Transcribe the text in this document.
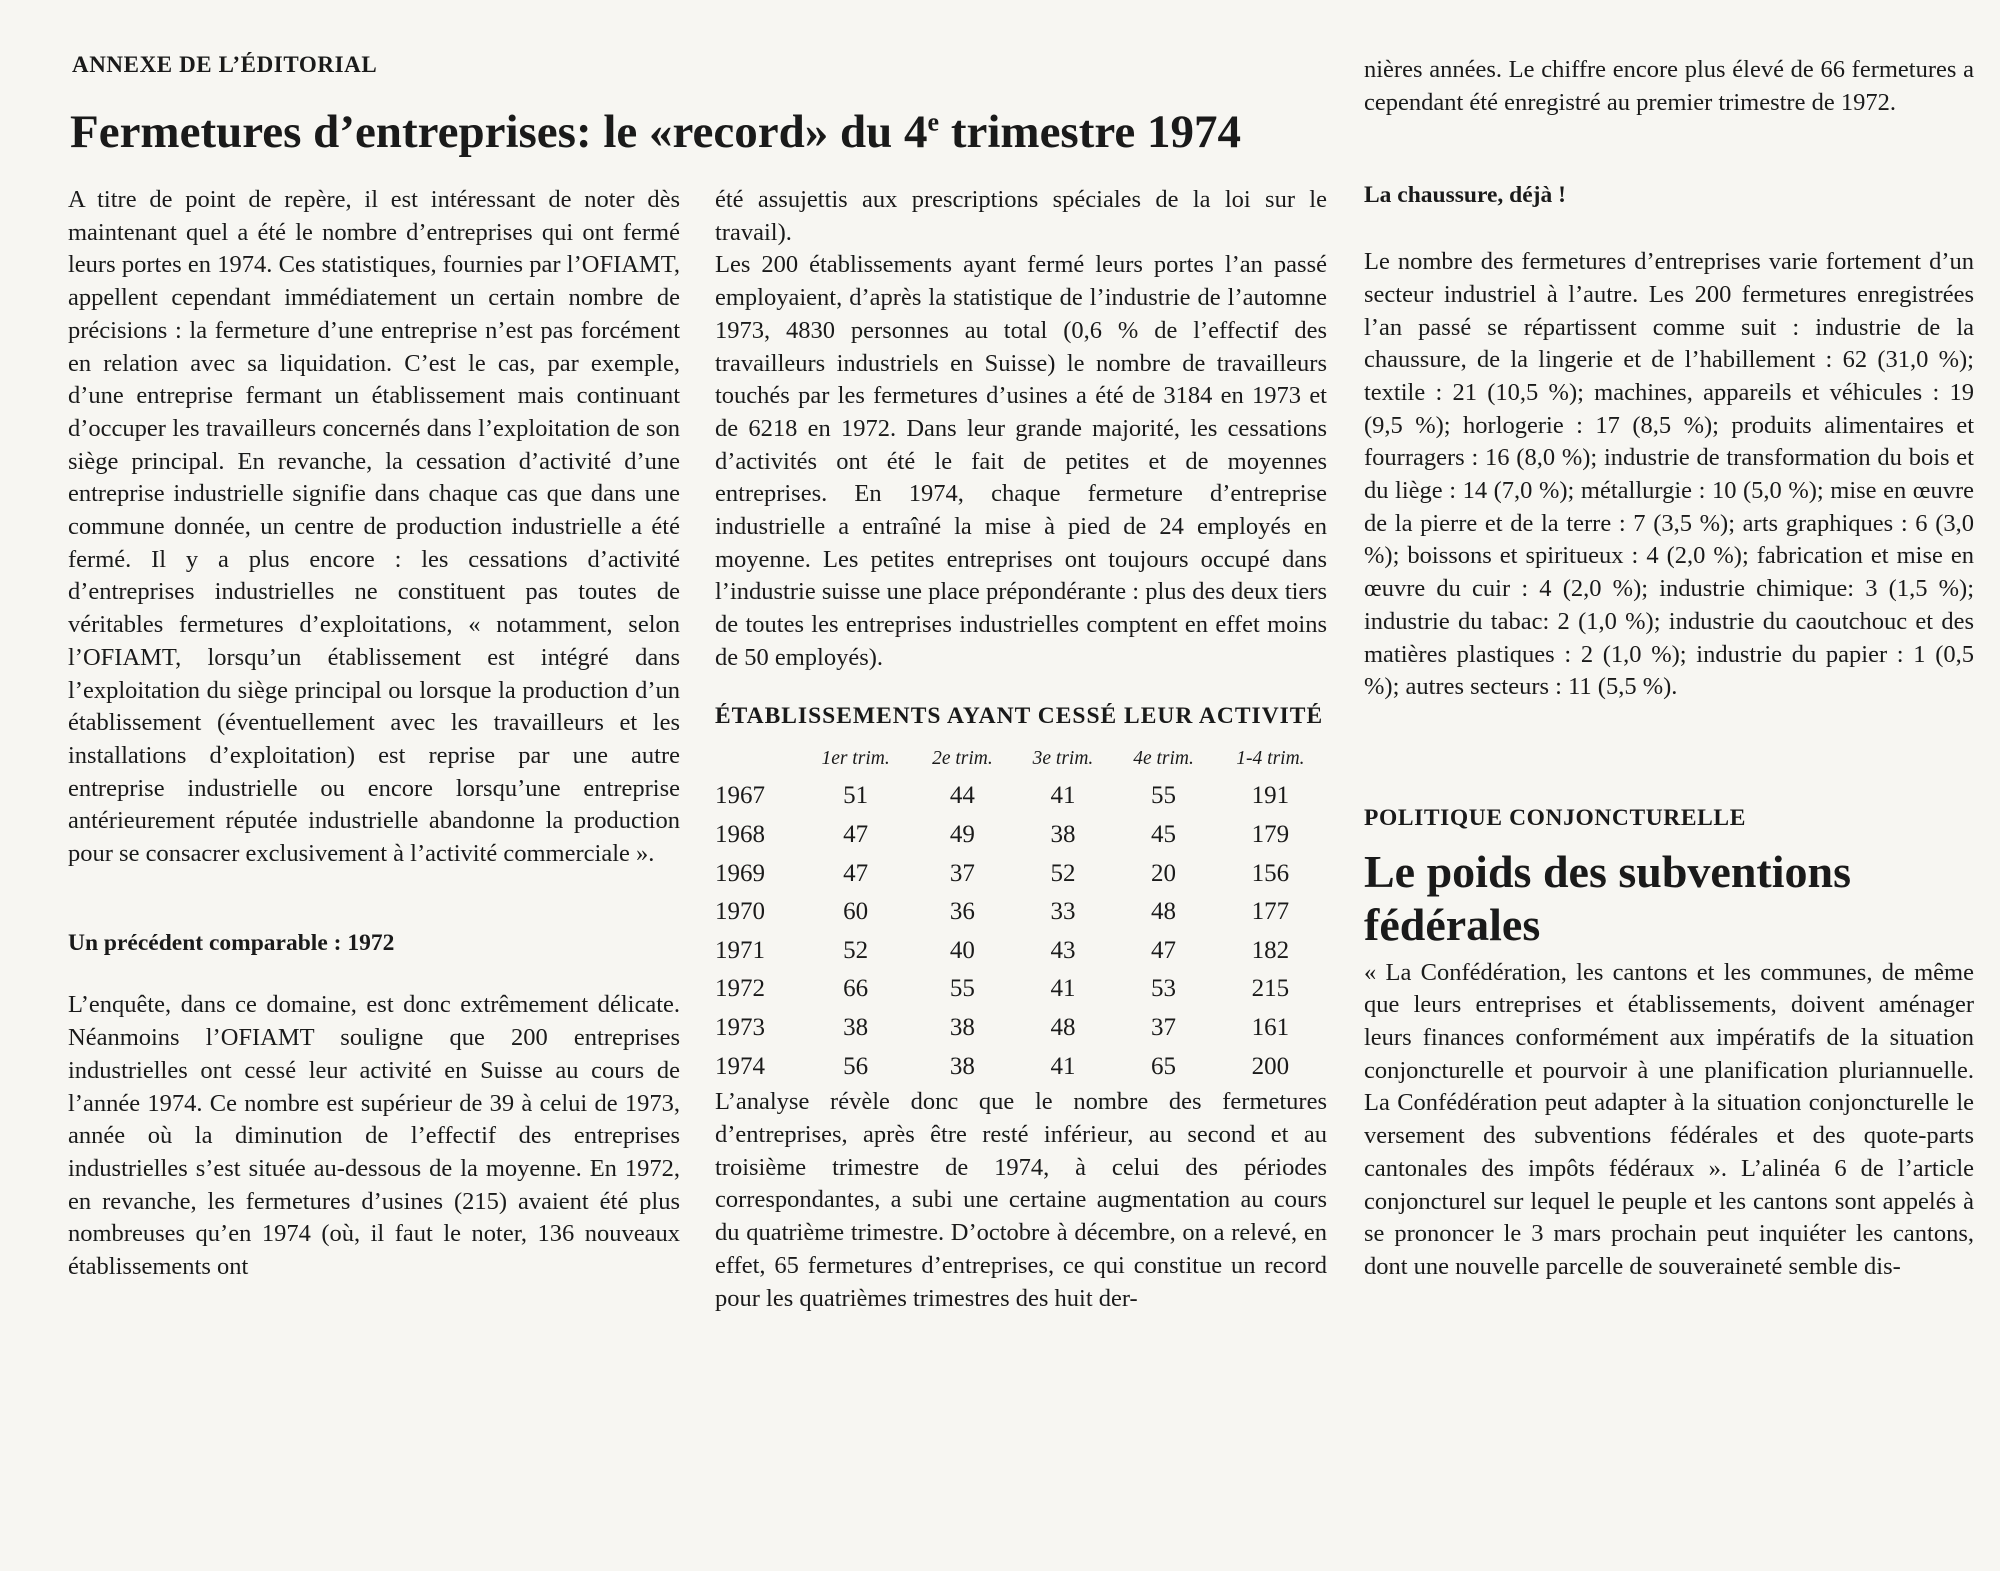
ANNEXE DE L’ÉDITORIAL
Fermetures d’entreprises: le «record» du 4e trimestre 1974

A titre de point de repère, il est intéressant de noter dès maintenant quel a été le nombre d’entreprises qui ont fermé leurs portes en 1974. Ces statistiques, fournies par l’OFIAMT, appellent cependant immédiatement un certain nombre de précisions : la fermeture d’une entreprise n’est pas forcément en relation avec sa liquidation. C’est le cas, par exemple, d’une entreprise fermant un établissement mais continuant d’occuper les travailleurs concernés dans l’exploitation de son siège principal. En revanche, la cessation d’activité d’une entreprise industrielle signifie dans chaque cas que dans une commune donnée, un centre de production industrielle a été fermé. Il y a plus encore : les cessations d’activité d’entreprises industrielles ne constituent pas toutes de véritables fermetures d’exploitations, « notamment, selon l’OFIAMT, lorsqu’un établissement est intégré dans l’exploitation du siège principal ou lorsque la production d’un établissement (éventuellement avec les travailleurs et les installations d’exploitation) est reprise par une autre entreprise industrielle ou encore lorsqu’une entreprise antérieurement réputée industrielle abandonne la production pour se consacrer exclusivement à l’activité commerciale ».

Un précédent comparable : 1972

L’enquête, dans ce domaine, est donc extrêmement délicate. Néanmoins l’OFIAMT souligne que 200 entreprises industrielles ont cessé leur activité en Suisse au cours de l’année 1974. Ce nombre est supérieur de 39 à celui de 1973, année où la diminution de l’effectif des entreprises industrielles s’est située au-dessous de la moyenne. En 1972, en revanche, les fermetures d’usines (215) avaient été plus nombreuses qu’en 1974 (où, il faut le noter, 136 nouveaux établissements ont

été assujettis aux prescriptions spéciales de la loi sur le travail).

Les 200 établissements ayant fermé leurs portes l’an passé employaient, d’après la statistique de l’industrie de l’automne 1973, 4830 personnes au total (0,6 % de l’effectif des travailleurs industriels en Suisse) le nombre de travailleurs touchés par les fermetures d’usines a été de 3184 en 1973 et de 6218 en 1972. Dans leur grande majorité, les cessations d’activités ont été le fait de petites et de moyennes entreprises. En 1974, chaque fermeture d’entreprise industrielle a entraîné la mise à pied de 24 employés en moyenne. Les petites entreprises ont toujours occupé dans l’industrie suisse une place prépondérante : plus des deux tiers de toutes les entreprises industrielles comptent en effet moins de 50 employés).

ÉTABLISSEMENTS AYANT CESSÉ LEUR ACTIVITÉ
	1er trim.	2e trim.	3e trim.	4e trim.	1-4 trim.
1967	51	44	41	55	191
1968	47	49	38	45	179
1969	47	37	52	20	156
1970	60	36	33	48	177
1971	52	40	43	47	182
1972	66	55	41	53	215
1973	38	38	48	37	161
1974	56	38	41	65	200

L’analyse révèle donc que le nombre des fermetures d’entreprises, après être resté inférieur, au second et au troisième trimestre de 1974, à celui des périodes correspondantes, a subi une certaine augmentation au cours du quatrième trimestre. D’octobre à décembre, on a relevé, en effet, 65 fermetures d’entreprises, ce qui constitue un record pour les quatrièmes trimestres des huit der-

nières années. Le chiffre encore plus élevé de 66 fermetures a cependant été enregistré au premier trimestre de 1972.

La chaussure, déjà !

Le nombre des fermetures d’entreprises varie fortement d’un secteur industriel à l’autre. Les 200 fermetures enregistrées l’an passé se répartissent comme suit : industrie de la chaussure, de la lingerie et de l’habillement : 62 (31,0 %); textile : 21 (10,5 %); machines, appareils et véhicules : 19 (9,5 %); horlogerie : 17 (8,5 %); produits alimentaires et fourragers : 16 (8,0 %); industrie de transformation du bois et du liège : 14 (7,0 %); métallurgie : 10 (5,0 %); mise en œuvre de la pierre et de la terre : 7 (3,5 %); arts graphiques : 6 (3,0 %); boissons et spiritueux : 4 (2,0 %); fabrication et mise en œuvre du cuir : 4 (2,0 %); industrie chimique: 3 (1,5 %); industrie du tabac: 2 (1,0 %); industrie du caoutchouc et des matières plastiques : 2 (1,0 %); industrie du papier : 1 (0,5 %); autres secteurs : 11 (5,5 %).

POLITIQUE CONJONCTURELLE
Le poids des subventions fédérales

« La Confédération, les cantons et les communes, de même que leurs entreprises et établissements, doivent aménager leurs finances conformément aux impératifs de la situation conjoncturelle et pourvoir à une planification pluriannuelle. La Confédération peut adapter à la situation conjoncturelle le versement des subventions fédérales et des quote-parts cantonales des impôts fédéraux ». L’alinéa 6 de l’article conjoncturel sur lequel le peuple et les cantons sont appelés à se prononcer le 3 mars prochain peut inquiéter les cantons, dont une nouvelle parcelle de souveraineté semble dis-
